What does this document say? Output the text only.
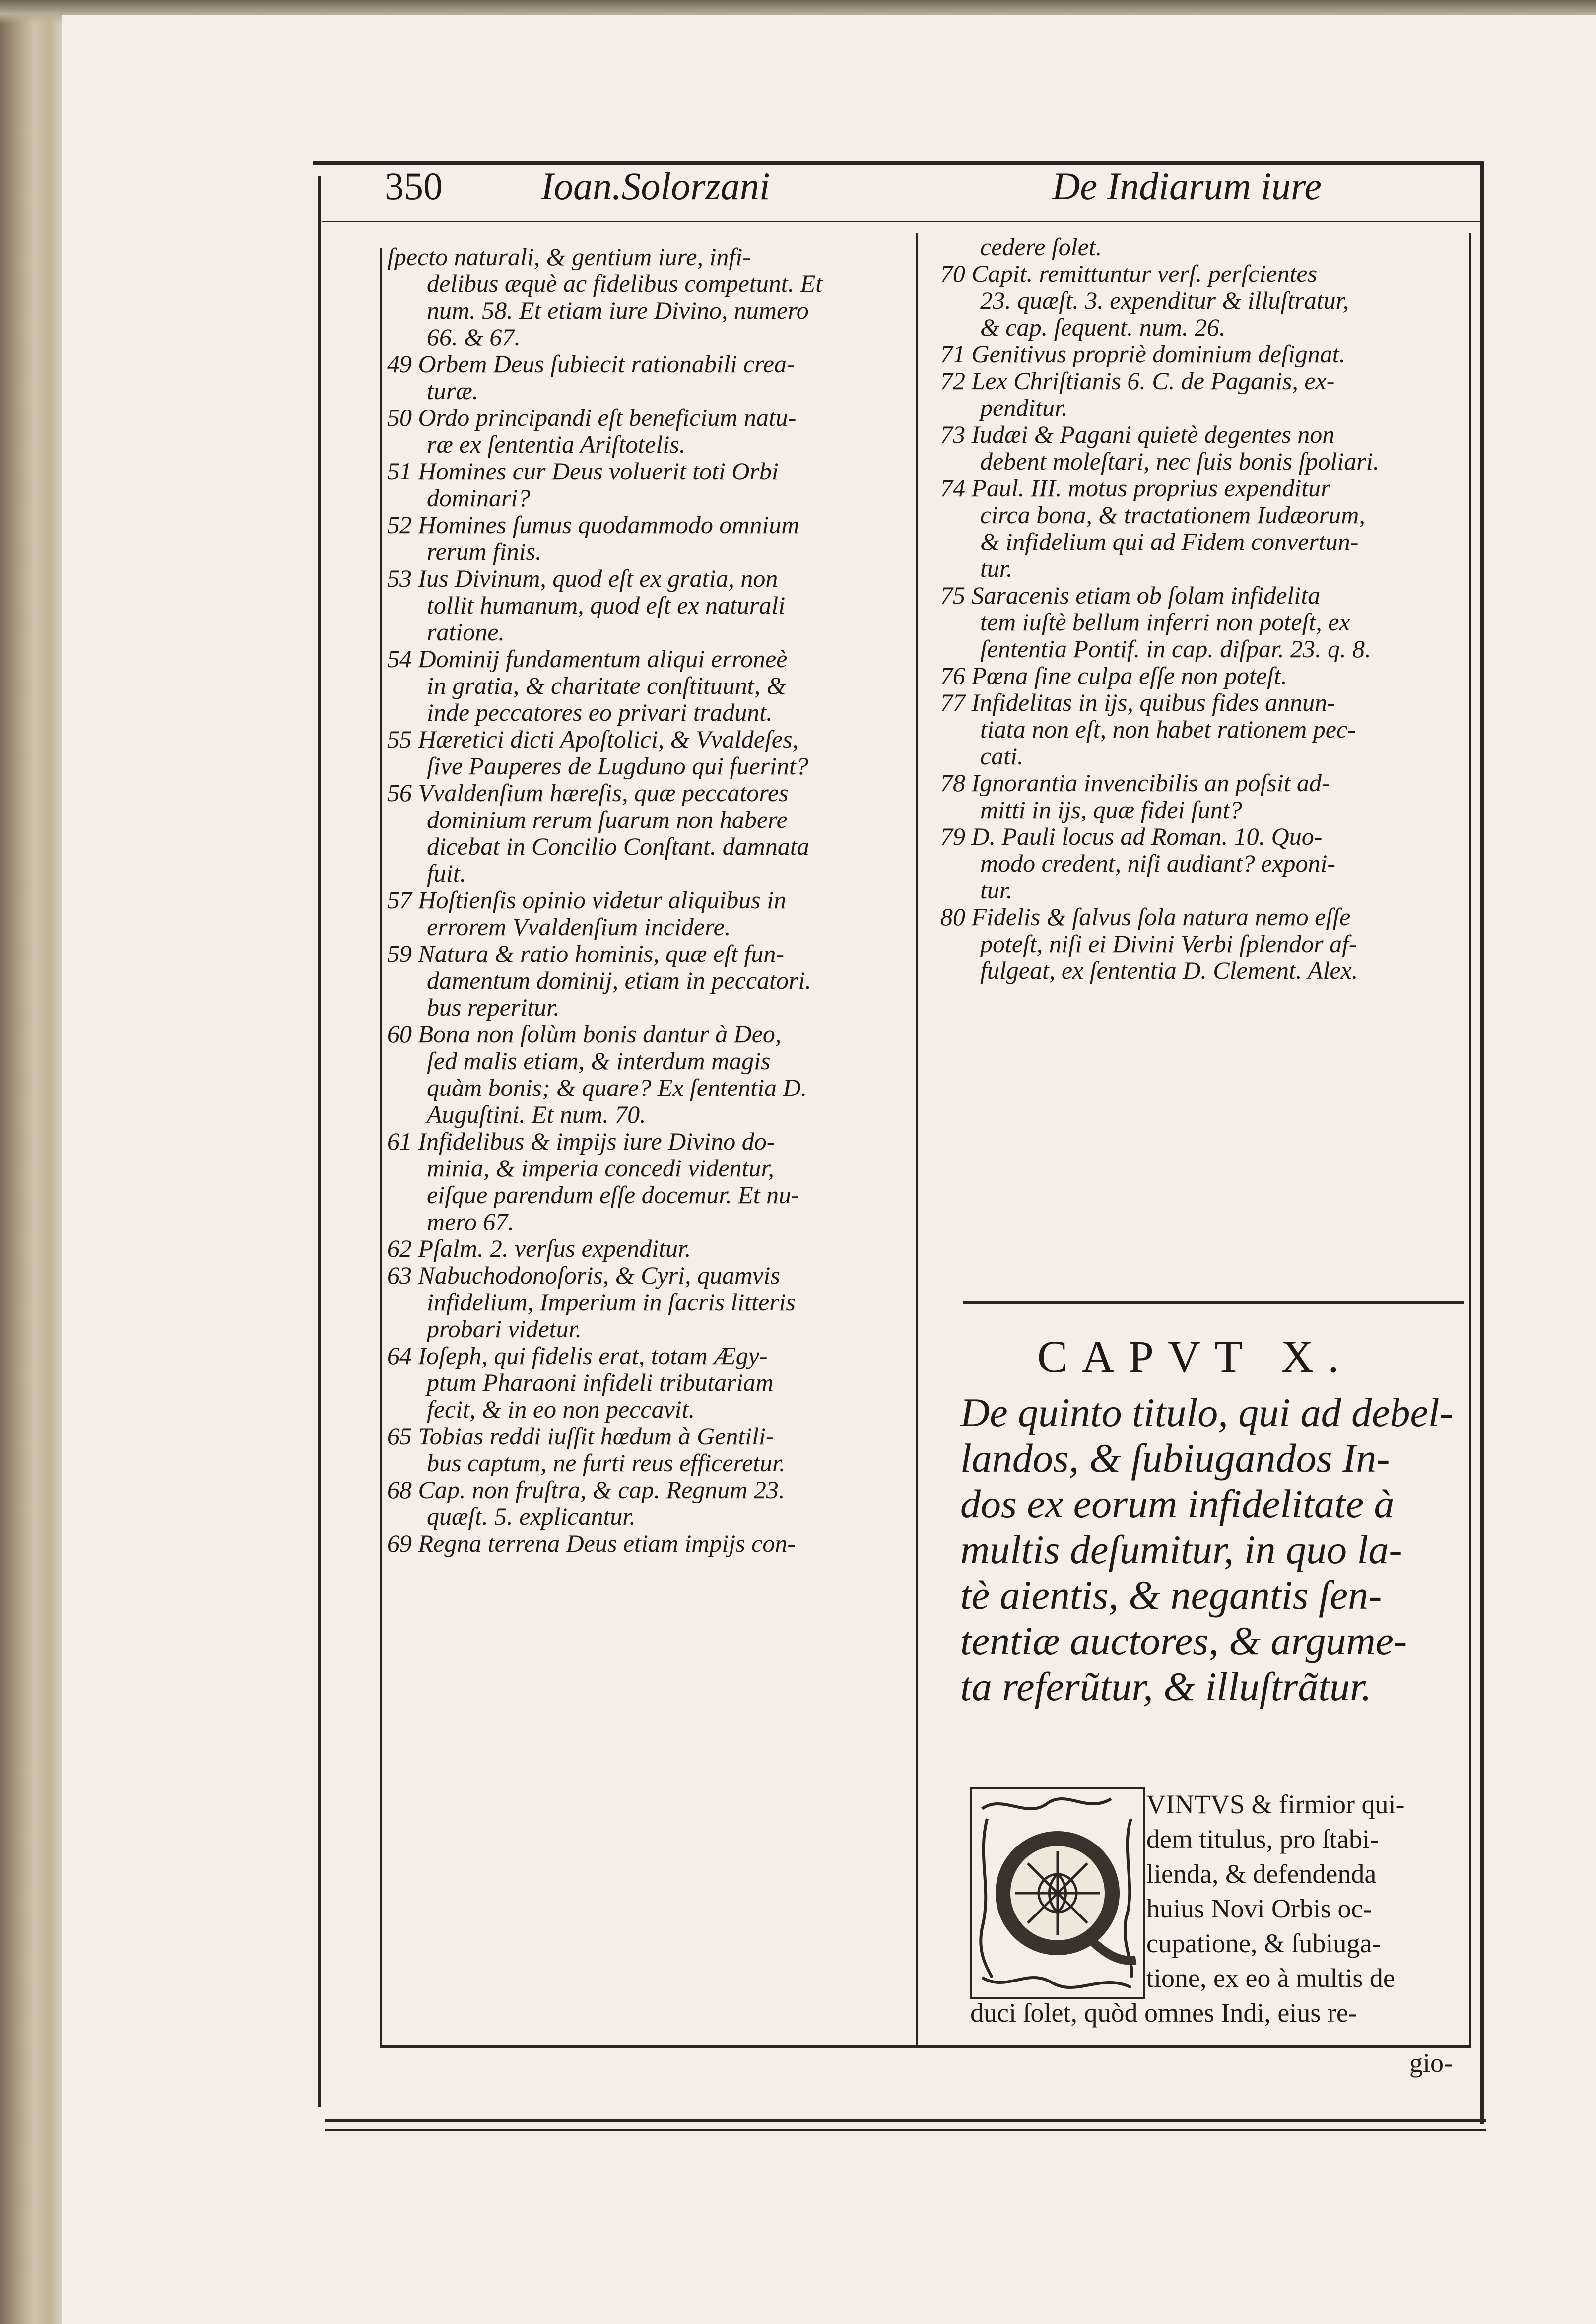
350	Ioan.Solorzani	De Indiarum iure
ſpecto naturali, & gentium iure, infi-
delibus æquè ac fidelibus competunt. Et
num. 58. Et etiam iure Divino, numero
66. & 67.
49 Orbem Deus ſubiecit rationabili crea-
turæ.
50 Ordo principandi eſt beneficium natu-
ræ ex ſententia Ariſtotelis.
51 Homines cur Deus voluerit toti Orbi
dominari?
52 Homines ſumus quodammodo omnium
rerum finis.
53 Ius Divinum, quod eſt ex gratia, non
tollit humanum, quod eſt ex naturali
ratione.
54 Dominij fundamentum aliqui erroneè
in gratia, & charitate conſtituunt, &
inde peccatores eo privari tradunt.
55 Hæretici dicti Apoſtolici, & Vvaldeſes,
ſive Pauperes de Lugduno qui fuerint?
56 Vvaldenſium hæreſis, quæ peccatores
dominium rerum ſuarum non habere
dicebat in Concilio Conſtant. damnata
fuit.
57 Hoſtienſis opinio videtur aliquibus in
errorem Vvaldenſium incidere.
59 Natura & ratio hominis, quæ eſt fun-
damentum dominij, etiam in peccatori.
bus reperitur.
60 Bona non ſolùm bonis dantur à Deo,
ſed malis etiam, & interdum magis
quàm bonis; & quare? Ex ſententia D.
Auguſtini. Et num. 70.
61 Infidelibus & impijs iure Divino do-
minia, & imperia concedi videntur,
eiſque parendum eſſe docemur. Et nu-
mero 67.
62 Pſalm. 2. verſus expenditur.
63 Nabuchodonoſoris, & Cyri, quamvis
infidelium, Imperium in ſacris litteris
probari videtur.
64 Ioſeph, qui fidelis erat, totam Ægy-
ptum Pharaoni infideli tributariam
fecit, & in eo non peccavit.
65 Tobias reddi iuſſit hœdum à Gentili-
bus captum, ne furti reus efficeretur.
68 Cap. non fruſtra, & cap. Regnum 23.
quæſt. 5. explicantur.
69 Regna terrena Deus etiam impijs con-
cedere ſolet.
70 Capit. remittuntur verſ. perſcientes
23. quæſt. 3. expenditur & illuſtratur,
& cap. ſequent. num. 26.
71 Genitivus propriè dominium deſignat.
72 Lex Chriſtianis 6. C. de Paganis, ex-
penditur.
73 Iudæi & Pagani quietè degentes non
debent moleſtari, nec ſuis bonis ſpoliari.
74 Paul. III. motus proprius expenditur
circa bona, & tractationem Iudæorum,
& infidelium qui ad Fidem convertun-
tur.
75 Saracenis etiam ob ſolam infidelita
tem iuſtè bellum inferri non poteſt, ex
ſententia Pontif. in cap. diſpar. 23. q. 8.
76 Pœna ſine culpa eſſe non poteſt.
77 Infidelitas in ijs, quibus fides annun-
tiata non eſt, non habet rationem pec-
cati.
78 Ignorantia invencibilis an poſsit ad-
mitti in ijs, quæ fidei ſunt?
79 D. Pauli locus ad Roman. 10. Quo-
modo credent, niſi audiant? exponi-
tur.
80 Fidelis & ſalvus ſola natura nemo eſſe
poteſt, niſi ei Divini Verbi ſplendor af-
fulgeat, ex ſententia D. Clement. Alex.
CAPVT X.
De quinto titulo, qui ad debel-
landos, & ſubiugandos In-
dos ex eorum infidelitate à
multis deſumitur, in quo la-
tè aientis, & negantis ſen-
tentiæ auctores, & argume-
ta referũtur, & illuſtrãtur.
VINTVS & firmior qui-
dem titulus, pro ſtabi-
lienda, & defendenda
huius Novi Orbis oc-
cupatione, & ſubiuga-
tione, ex eo à multis de
duci ſolet, quòd omnes Indi, eius re-
gio-
